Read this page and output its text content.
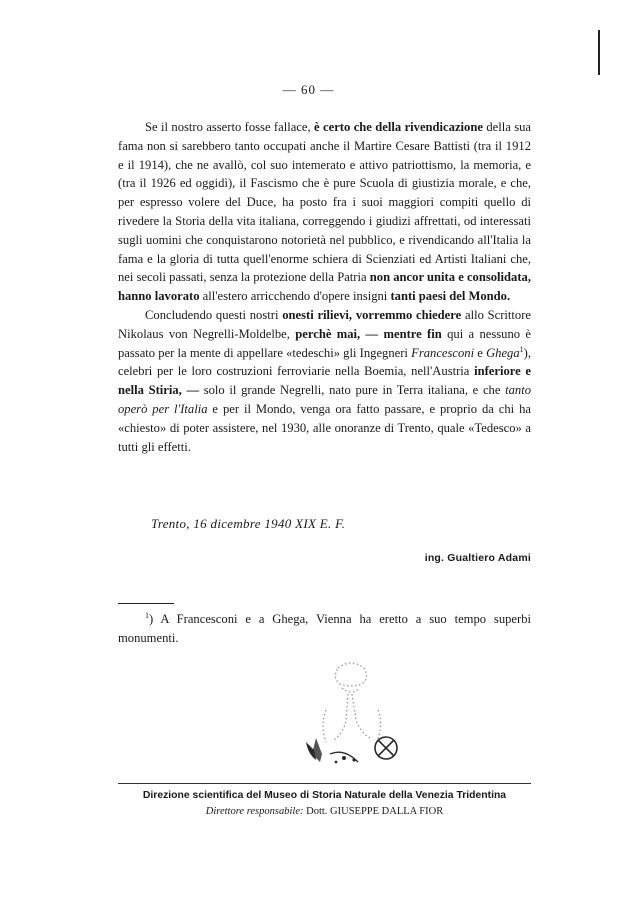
— 60 —

Se il nostro asserto fosse fallace, è certo che della rivendicazione della sua fama non si sarebbero tanto occupati anche il Martire Cesare Battisti (tra il 1912 e il 1914), che ne avallò, col suo intemerato e attivo patriottismo, la memoria, e (tra il 1926 ed oggidì), il Fascismo che è pure Scuola di giustizia morale, e che, per espresso volere del Duce, ha posto fra i suoi maggiori compiti quello di rivedere la Storia della vita italiana, correggendo i giudizi affrettati, od interessati sugli uomini che conquistarono notorietà nel pubblico, e rivendicando all'Italia la fama e la gloria di tutta quell'enorme schiera di Scienziati ed Artisti Italiani che, nei secoli passati, senza la protezione della Patria non ancor unita e consolidata, hanno lavorato all'estero arricchendo d'opere insigni tanti paesi del Mondo.

Concludendo questi nostri onesti rilievi, vorremmo chiedere allo Scrittore Nikolaus von Negrelli-Moldelbe, perchè mai, — mentre fin qui a nessuno è passato per la mente di appellare «tedeschi» gli Ingegneri Francesconi e Ghega$^1$), celebri per le loro costruzioni ferroviarie nella Boemia, nell'Austria inferiore e nella Stiria, — solo il grande Negrelli, nato pure in Terra italiana, e che tanto operò per l'Italia e per il Mondo, venga ora fatto passare, e proprio da chi ha «chiesto» di poter assistere, nel 1930, alle onoranze di Trento, quale «Tedesco» a tutti gli effetti.

Trento, 16 dicembre 1940 XIX E. F.
ing. Gualtiero Adami

$^1$) A Francesconi e a Ghega, Vienna ha eretto a suo tempo superbi monumenti.

Direzione scientifica del Museo di Storia Naturale della Venezia Tridentina
Direttore responsabile: Dott. GIUSEPPE DALLA FIOR
